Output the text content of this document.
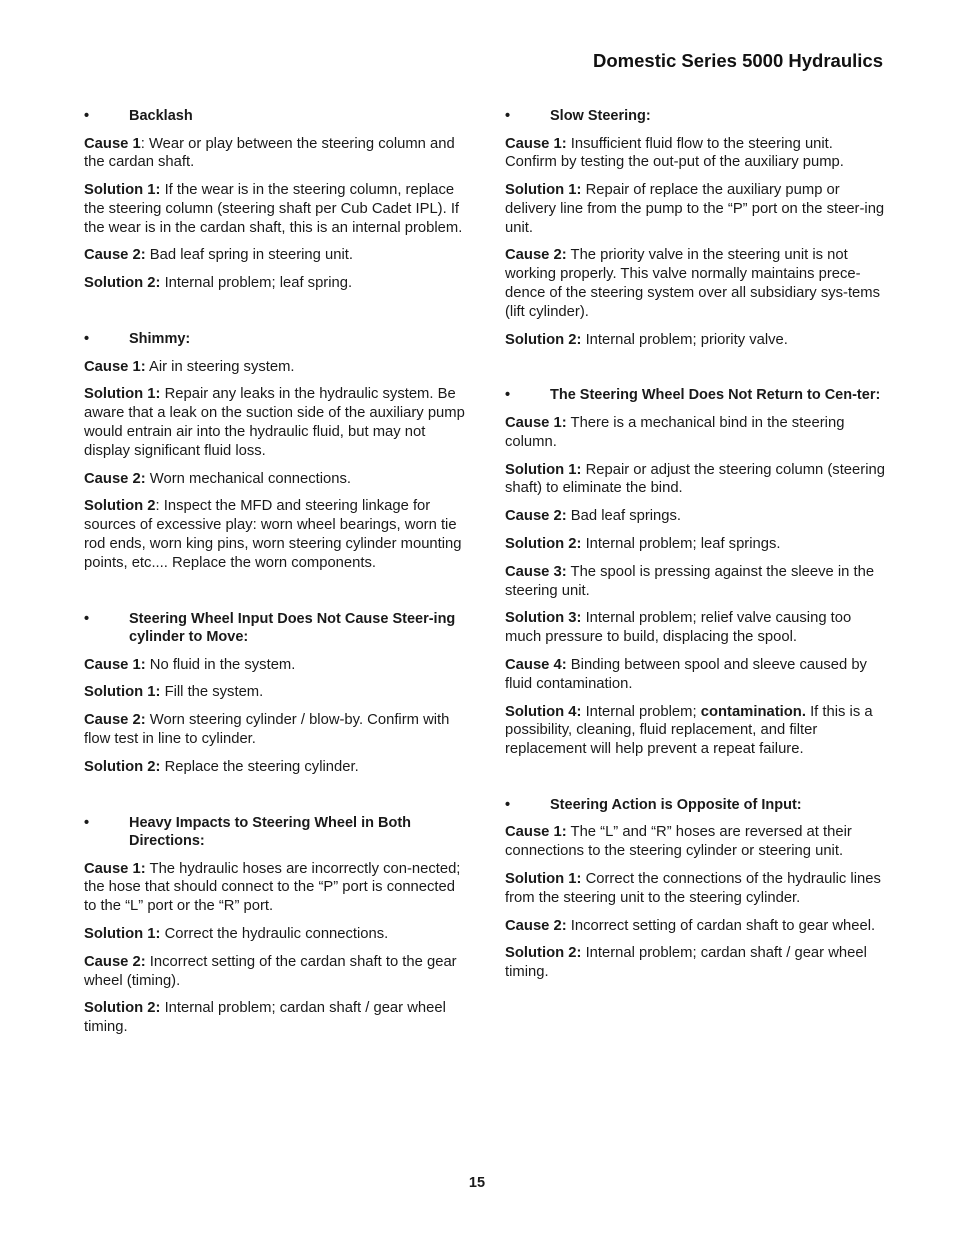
Domestic Series 5000 Hydraulics
•	Backlash

Cause 1: Wear or play between the steering column and the cardan shaft.

Solution 1: If the wear is in the steering column, replace the steering column (steering shaft per Cub Cadet IPL). If the wear is in the cardan shaft, this is an internal problem.

Cause 2: Bad leaf spring in steering unit.

Solution 2: Internal problem; leaf spring.

•	Shimmy:

Cause 1: Air in steering system.

Solution 1: Repair any leaks in the hydraulic system. Be aware that a leak on the suction side of the auxiliary pump would entrain air into the hydraulic fluid, but may not display significant fluid loss.

Cause 2: Worn mechanical connections.

Solution 2: Inspect the MFD and steering linkage for sources of excessive play: worn wheel bearings, worn tie rod ends, worn king pins, worn steering cylinder mounting points, etc.... Replace the worn components.

•	Steering Wheel Input Does Not Cause Steer-ing cylinder to Move:

Cause 1: No fluid in the system.

Solution 1: Fill the system.

Cause 2: Worn steering cylinder / blow-by. Confirm with flow test in line to cylinder.

Solution 2: Replace the steering cylinder.

•	Heavy Impacts to Steering Wheel in Both Directions:

Cause 1: The hydraulic hoses are incorrectly con-nected; the hose that should connect to the “P” port is connected to the “L” port or the “R” port.

Solution 1: Correct the hydraulic connections.

Cause 2: Incorrect setting of the cardan shaft to the gear wheel (timing).

Solution 2: Internal problem; cardan shaft / gear wheel timing.

•	Slow Steering:

Cause 1: Insufficient fluid flow to the steering unit. Confirm by testing the out-put of the auxiliary pump.

Solution 1: Repair of replace the auxiliary pump or delivery line from the pump to the “P” port on the steer-ing unit.

Cause 2: The priority valve in the steering unit is not working properly. This valve normally maintains prece-dence of the steering system over all subsidiary sys-tems (lift cylinder).

Solution 2: Internal problem; priority valve.

•	The Steering Wheel Does Not Return to Cen-ter:

Cause 1: There is a mechanical bind in the steering column.

Solution 1: Repair or adjust the steering column (steering shaft) to eliminate the bind.

Cause 2: Bad leaf springs.

Solution 2: Internal problem; leaf springs.

Cause 3: The spool is pressing against the sleeve in the steering unit.

Solution 3: Internal problem; relief valve causing too much pressure to build, displacing the spool.

Cause 4: Binding between spool and sleeve caused by fluid contamination.

Solution 4: Internal problem; contamination. If this is a possibility, cleaning, fluid replacement, and filter replacement will help prevent a repeat failure.

•	Steering Action is Opposite of Input:

Cause 1: The “L” and “R” hoses are reversed at their connections to the steering cylinder or steering unit.

Solution 1: Correct the connections of the hydraulic lines from the steering unit to the steering cylinder.

Cause 2: Incorrect setting of cardan shaft to gear wheel.

Solution 2: Internal problem; cardan shaft / gear wheel timing.

15
